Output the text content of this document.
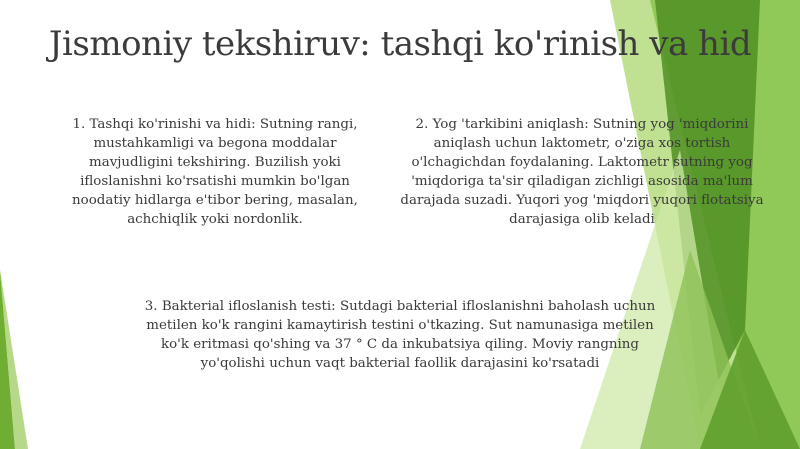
Jismoniy tekshiruv: tashqi ko'rinish va hid
1. Tashqi ko'rinishi va hidi: Sutning rangi, mustahkamligi va begona moddalar mavjudligini tekshiring. Buzilish yoki ifloslanishni ko'rsatishi mumkin bo'lgan noodatiy hidlarga e'tibor bering, masalan, achchiqlik yoki nordonlik.
2. Yog 'tarkibini aniqlash: Sutning yog 'miqdorini aniqlash uchun laktometr, o'ziga xos tortish o'lchagichdan foydalaning. Laktometr sutning yog 'miqdoriga ta'sir qiladigan zichligi asosida ma'lum darajada suzadi. Yuqori yog 'miqdori yuqori flotatsiya darajasiga olib keladi
3. Bakterial ifloslanish testi: Sutdagi bakterial ifloslanishni baholash uchun metilen ko'k rangini kamaytirish testini o'tkazing. Sut namunasiga metilen ko'k eritmasi qo'shing va 37 ° C da inkubatsiya qiling. Moviy rangning yo'qolishi uchun vaqt bakterial faollik darajasini ko'rsatadi
